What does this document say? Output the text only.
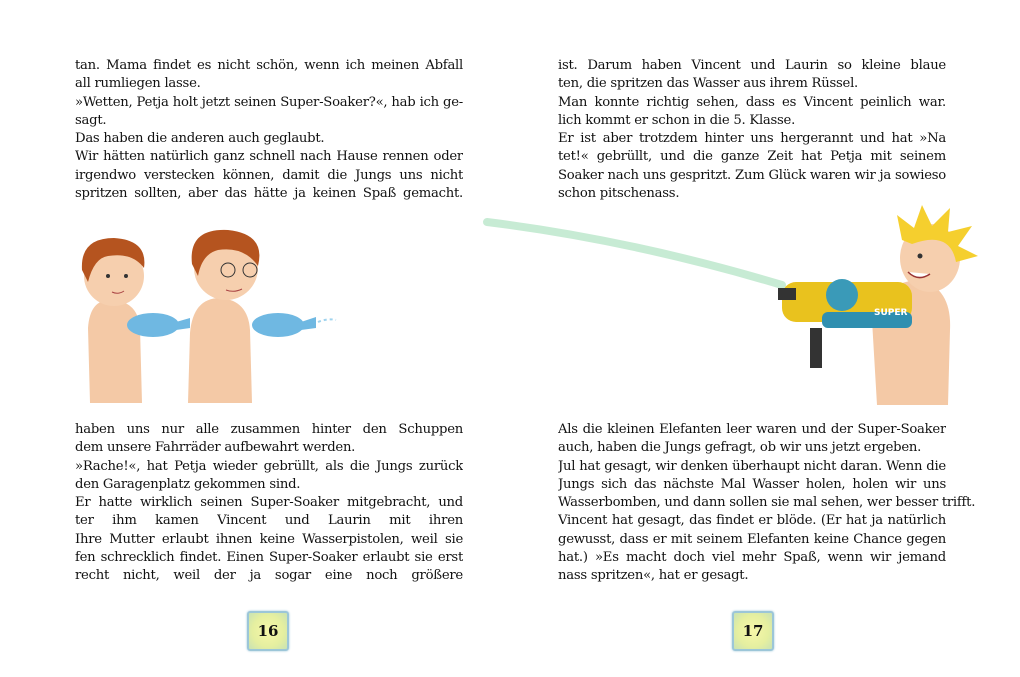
tan. Mama findet es nicht schön, wenn ich meinen Abfall
all rumliegen lasse.
»Wetten, Petja holt jetzt seinen Super-Soaker?«, hab ich ge-
sagt.
Das haben die anderen auch geglaubt.
Wir hätten natürlich ganz schnell nach Hause rennen oder
irgendwo verstecken können, damit die Jungs uns nicht
spritzen sollten, aber das hätte ja keinen Spaß gemacht.
haben uns nur alle zusammen hinter den Schuppen
dem unsere Fahrräder aufbewahrt werden.
»Rache!«, hat Petja wieder gebrüllt, als die Jungs zurück
den Garagenplatz gekommen sind.
Er hatte wirklich seinen Super-Soaker mitgebracht, und
ter ihm kamen Vincent und Laurin mit ihren
Ihre Mutter erlaubt ihnen keine Wasserpistolen, weil sie
fen schrecklich findet. Einen Super-Soaker erlaubt sie erst
recht nicht, weil der ja sogar eine noch größere
16
ist. Darum haben Vincent und Laurin so kleine blaue
ten, die spritzen das Wasser aus ihrem Rüssel.
Man konnte richtig sehen, dass es Vincent peinlich war.
lich kommt er schon in die 5. Klasse.
Er ist aber trotzdem hinter uns hergerannt und hat »Na
tet!« gebrüllt, und die ganze Zeit hat Petja mit seinem
Soaker nach uns gespritzt. Zum Glück waren wir ja sowieso
schon pitschenass.
SUPER
Als die kleinen Elefanten leer waren und der Super-Soaker
auch, haben die Jungs gefragt, ob wir uns jetzt ergeben.
Jul hat gesagt, wir denken überhaupt nicht daran. Wenn die
Jungs sich das nächste Mal Wasser holen, holen wir uns
Wasserbomben, und dann sollen sie mal sehen, wer besser trifft.
Vincent hat gesagt, das findet er blöde. (Er hat ja natürlich
gewusst, dass er mit seinem Elefanten keine Chance gegen
hat.) »Es macht doch viel mehr Spaß, wenn wir jemand
nass spritzen«, hat er gesagt.
17
